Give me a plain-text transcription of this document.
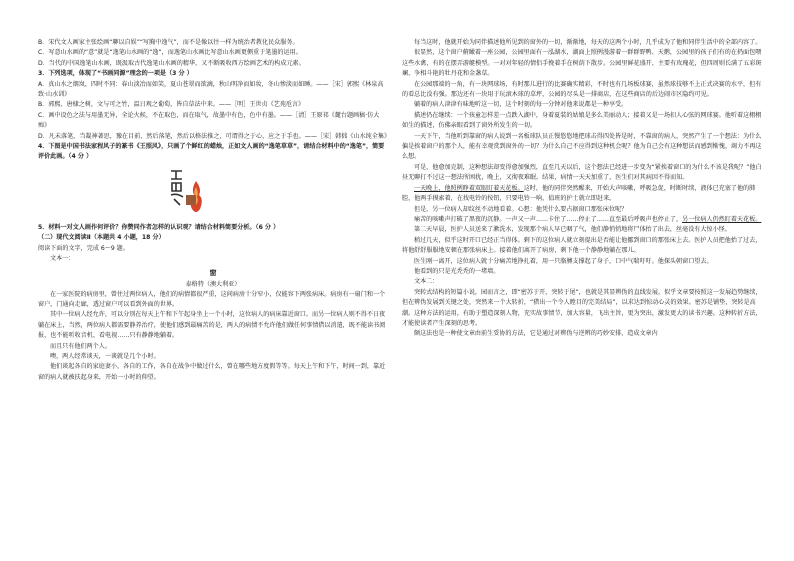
B．宋代文人画家主张绘画“聊以自娱”“写胸中逸气”，而不是像以往一样为统治者教化民众服务。

C．写意山水画的“意”就是“逸笔山水画的“逸”，而逸笔山水画比写意山水画更侧重于笔墨的运用。

D．当代的中国逸笔山水画，既汲取古代逸笔山水画的精华，又不断吸收西方绘画艺术的构成元素。

3．下列选项，体现了“书画同源”理念的一项是（3 分 ）

A．真山水之烟岚，四时不同：春山淡冶而如笑，夏山苍翠而欲滴，秋山明净而如妆，冬山惨淡而如睡。——［宋］郭熙《林泉高致·山水训》

B．郭熙、唐棣之树，文与可之竹，温日观之葡萄，皆自草法中来。——［明］王世贞《艺苑卮言》

C．画中设色之法与用墨无异，全论火候，不在取色，而在取气，故墨中有色，色中有墨。——［清］王原祁《麓台题画稿·仿大痴》

D．凡未落笔，当凝神著思，豫在目前，然后落笔，然后以格法推之，可谓得之于心，应之于手也。——［宋］韩拙《山水纯全集》

4．下图是中国书法家程风子的篆书《王照风》，只画了个鲜红的蜡烛，正如文人画的“逸笔草草”，请结合材料中的“逸笔”，简要评价此画。（4 分 ）

5．材料一对文人画作何评价？你赞同作者怎样的认识观？请结合材料简要分析。（6 分 ）

（二）现代文阅读Ⅱ（本题共 4 小题，18 分）

阅读下面的文字，完成 6～9 题。

文本一：

窗

泰格特（澳大利亚）

在一家医院的病房里，曾住过两位病人，他们的病情都很严重，这间病房十分窄小，仅能容下两张病床。病房有一扇门和一个窗户，门通向走廊，透过窗户可以看到外面的世界。

其中一位病人经允许，可以分别在每天上午和下午起身坐上一个小时，这位病人的病床靠近窗口。而另一位病人则不得不日夜躺在床上，当然，两位病人都需要静养治疗，使他们感到最痛苦的是，两人的病情不允许他们做任何事情借以消遣，既不能读书阅报，也不能听收音机、看电视……只有静静地躺着。

而且只有他们两个人。

噢，两人经常谈天，一谈就是几个小时。

他们谈起各自的家庭妻小，各自的工作，各自在战争中做过什么，曾在哪些地方度假等等。每天上午和下午，时间一到，靠近窗的病人就被扶起身来，开始一小时的仰望。

每当这时，他就开始为同伴描述他所见到的窗外的一切，渐渐地，每天的这两个小时，几乎成为了他和同伴生活中的全部内容了。

很显然，这个窗户俯瞰着一座公园，公园里面有一泓湖水，湖面上照例漫游着一群群野鸭、天鹅，公园里的孩子们有的在扔面包喂这些水禽，有的在摆弄游艇模型。一对对年轻的情侣手挽着手在树荫下散步。公园里鲜花盛开，主要有玫瑰花，但四周则长满了五彩斑斓、争相斗艳的牡丹花和金盏草。

在公园那端的一角，有一块网球场，有时那儿进行的比赛确实精彩，不时也有几场板球赛，虽然球技够不上正式决赛的水平，但有的看总比没有强。那边还有一块用于玩滚木球的草坪，公园的尽头是一排商店，在这些商店的后边闹市区隐约可见。

躺着的病人津津有味地听这一切，这个时刻的每一分钟对他来说都是一种享受。

描述仍在继续：一个孩童怎样差一点跌入湖中，身着夏装的姑娘是多么美丽动人；接着又是一场扣人心弦的网球赛。他听着这栩栩如生的描述，仿佛亲眼看到了窗外所发生的一切。

一天下午，当他听到靠窗的病人说到一名板球队员正慢悠悠地把球击得四处皆是时，不靠窗的病人，突然产生了一个想法：为什么偏是挨着窗户的那个人，能有幸观赏到窗外的一切？为什么自己不应得到这种机会呢？他为自己会有这种想法而感到惭愧，竭力不再这么想。

可是，他愈加克制，这种想法却变得愈加强烈，直至几天以后，这个想法已经进一步变为“紧挨着窗口的为什么不该是我呢？”他白昼无聊打不过这一想法所困扰，晚上，又彻夜难眠。结果，病情一天天加重了，医生们对其病因不得而知。

一天晚上，他照例睁着双眼盯着天花板。这时，他的同伴突然醒来，开始大声咳嗽，呼吸急促，时断时续，液体已充塞了他的肺腔，他两手摸索着，在找电铃的按钮，只要电铃一响，值班的护士就立即赶来。

但是，另一位病人却纹丝不动地看着。心想：他凭什么要占据窗口那张床位呢？

痛苦的咳嗽声打破了黑夜的沉静。一声又一声……卡住了……停止了……直至最后呼吸声也停止了，另一位病人仍然盯着天花板。

第二天早晨，医护人员送来了漱洗水，发现那个病人早已咽了气，他们静悄悄地将尸体抬了出去，丝毫没有大惊小怪。

稍过几天，似乎这时开口已经正当得体。剩下的这位病人就立刻提出是否能让他挪到窗口的那张床上去。医护人员把他抬了过去，将他舒舒服服地安顿在那张病床上。接着他们离开了病房，剩下他一个静静地躺在那儿。

医生刚一离开，这位病人就十分痛苦地挣扎着，用一只胳膊支撑起了身子，口中气喘吁吁。他探头朝窗口望去。

他看到的只是光秃秃的一堵墙。

文本二：

突转式结构的短篇小说，园而言之，即“密苏于开，突转于尾”，也就是其显辨伪的直线发展，似乎文章要按照这一发展趋势继续，但在辨伪发展到关键之处，突然来一个大转折，“猎出一个令人瞠目的完美结局”，以求达到惊动心灵的效果。密苏是铺垫，突转是高潮。这种方法的运用，有助于塑造深刻人物，充实故事情节，加大容量，飞出主旨，更为突出，激发更大的读书兴趣。这种转折方法，才能使读者产生深刻的思考。

颇这法也是一种使文章由前生妥协的方法，它是通过对辨伪与逆辨的巧妙安排，造成文章内
